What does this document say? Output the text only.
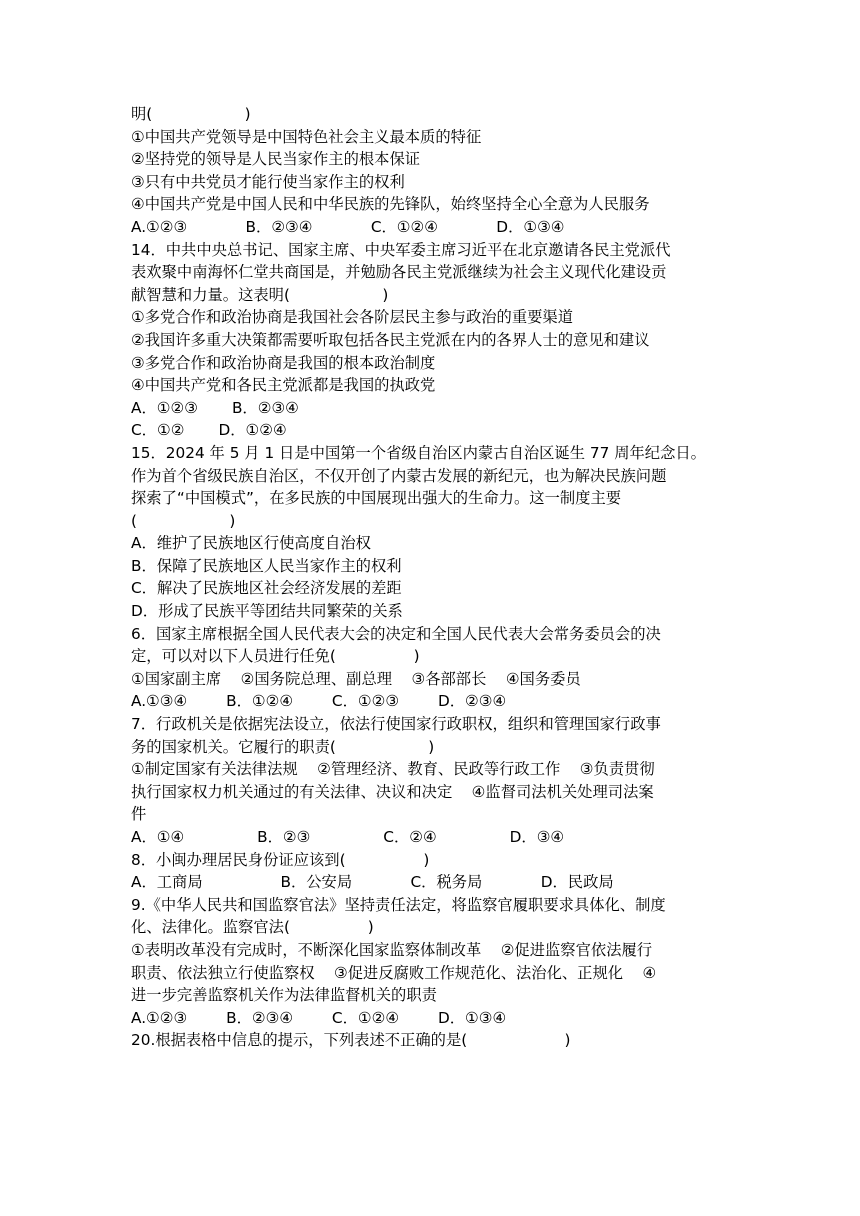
明(                   )
①中国共产党领导是中国特色社会主义最本质的特征
②坚持党的领导是人民当家作主的根本保证
③只有中共党员才能行使当家作主的权利
④中国共产党是中国人民和中华民族的先锋队，始终坚持全心全意为人民服务
A.①②③            B．②③④            C．①②④            D．①③④
14．中共中央总书记、国家主席、中央军委主席习近平在北京邀请各民主党派代
表欢聚中南海怀仁堂共商国是，并勉励各民主党派继续为社会主义现代化建设贡
献智慧和力量。这表明(                   )
①多党合作和政治协商是我国社会各阶层民主参与政治的重要渠道
②我国许多重大决策都需要听取包括各民主党派在内的各界人士的意见和建议
③多党合作和政治协商是我国的根本政治制度
④中国共产党和各民主党派都是我国的执政党
A．①②③       B．②③④
C．①②       D．①②④
15．2024 年 5 月 1 日是中国第一个省级自治区内蒙古自治区诞生 77 周年纪念日。
作为首个省级民族自治区，不仅开创了内蒙古发展的新纪元，也为解决民族问题
探索了“中国模式”，在多民族的中国展现出强大的生命力。这一制度主要
(                   )
A．维护了民族地区行使高度自治权
B．保障了民族地区人民当家作主的权利
C．解决了民族地区社会经济发展的差距
D．形成了民族平等团结共同繁荣的关系
6．国家主席根据全国人民代表大会的决定和全国人民代表大会常务委员会的决
定，可以对以下人员进行任免(                )
①国家副主席    ②国务院总理、副总理    ③各部部长    ④国务委员
A.①③④        B．①②④        C．①②③        D．②③④
7．行政机关是依据宪法设立，依法行使国家行政职权，组织和管理国家行政事
务的国家机关。它履行的职责(                   )
①制定国家有关法律法规    ②管理经济、教育、民政等行政工作    ③负责贯彻
执行国家权力机关通过的有关法律、决议和决定    ④监督司法机关处理司法案
件
A．①④               B．②③               C．②④               D．③④
8．小闽办理居民身份证应该到(                )
A．工商局                B．公安局            C．税务局            D．民政局
9.《中华人民共和国监察官法》坚持责任法定，将监察官履职要求具体化、制度
化、法律化。监察官法(                )
①表明改革没有完成时，不断深化国家监察体制改革    ②促进监察官依法履行
职责、依法独立行使监察权    ③促进反腐败工作规范化、法治化、正规化    ④
进一步完善监察机关作为法律监督机关的职责
A.①②③        B．②③④        C．①②④        D．①③④
20.根据表格中信息的提示，下列表述不正确的是(                    )
